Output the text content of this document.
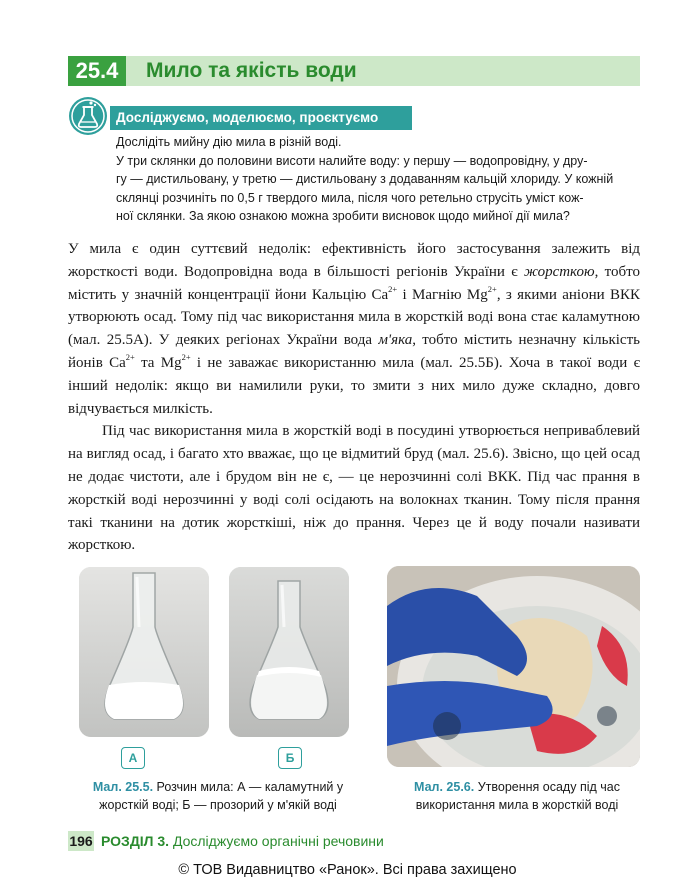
25.4	Мило та якість води
Досліджуємо, моделюємо, проєктуємо

Дослідіть мийну дію мила в різній воді.

У три склянки до половини висоти налийте воду: у першу — водопровідну, у дру-

гу — дистильовану, у третю — дистильовану з додаванням кальцій хлориду. У кожній

склянці розчиніть по 0,5 г твердого мила, після чого ретельно струсіть уміст кож-

ної склянки. За якою ознакою можна зробити висновок щодо мийної дії мила?

У мила є один суттєвий недолік: ефективність його застосування залежить від жорсткості води. Водопровідна вода в більшості регіонів України є жорсткою, тобто містить у значній концентрації йони Кальцію $Ca^{2+}$ і Магнію $Mg^{2+}$, з якими аніони ВКК утворюють осад. Тому під час використання мила в жорсткій воді вона стає каламутною (мал. 25.5А). У деяких регіонах України вода м'яка, тобто містить незначну кількість йонів $Ca^{2+}$ та $Mg^{2+}$ і не заважає використанню мила (мал. 25.5Б). Хоча в такої води є інший недолік: якщо ви намилили руки, то змити з них мило дуже складно, довго відчувається милкість.

Під час використання мила в жорсткій воді в посудині утворюється неприваблевий на вигляд осад, і багато хто вважає, що це відмитий бруд (мал. 25.6). Звісно, що цей осад не додає чистоти, але і брудом він не є, — це нерозчинні солі ВКК. Під час прання в жорсткій воді нерозчинні у воді солі осідають на волокнах тканин. Тому після прання такі тканини на дотик жорсткіші, ніж до прання. Через це й воду почали називати жорсткою.

А	Б
Мал. 25.5. Розчин мила: А — каламутний у жорсткій воді; Б — прозорий у м'якій воді
Мал. 25.6. Утворення осаду під час використання мила в жорсткій воді
196 РОЗДІЛ 3. Досліджуємо органічні речовини
© ТОВ Видавництво «Ранок». Всі права захищено
